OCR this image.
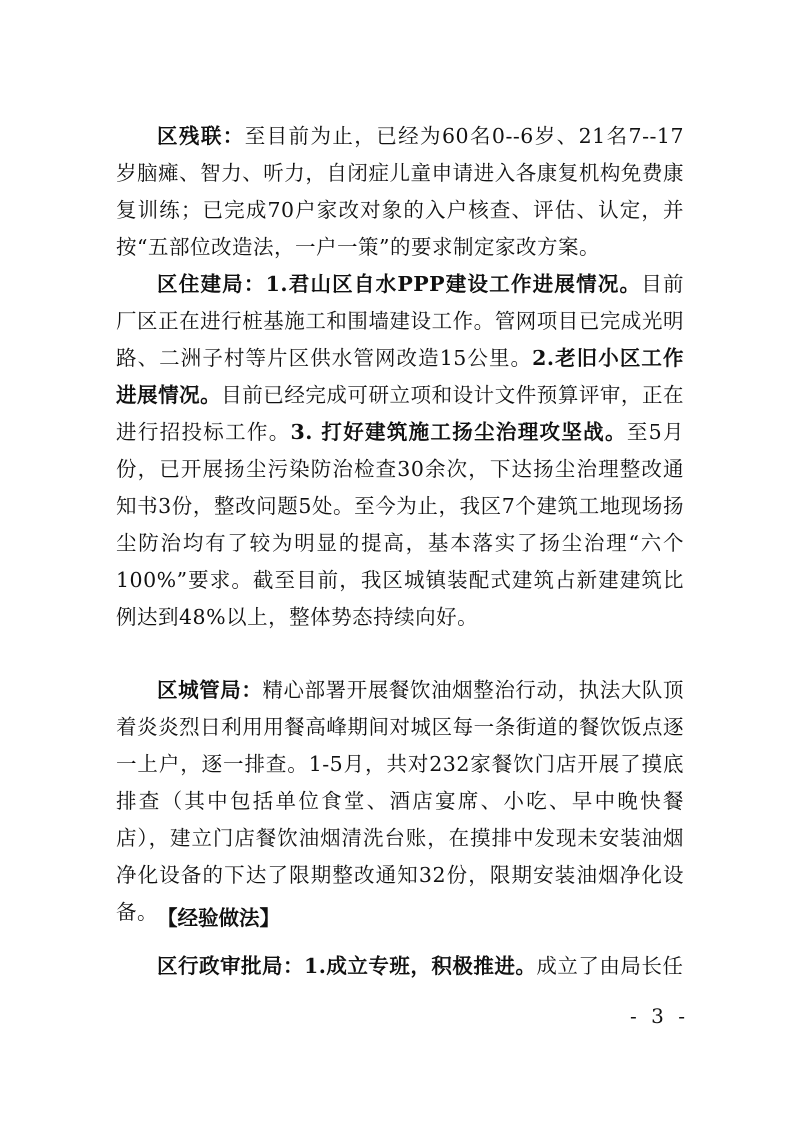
区残联：至目前为止，已经为60名0--6岁、21名7--17岁脑瘫、智力、听力，自闭症儿童申请进入各康复机构免费康复训练；已完成70户家改对象的入户核查、评估、认定，并按“五部位改造法，一户一策”的要求制定家改方案。

区住建局：1.君山区自水PPP建设工作进展情况。目前厂区正在进行桩基施工和围墙建设工作。管网项目已完成光明路、二洲子村等片区供水管网改造15公里。2.老旧小区工作进展情况。目前已经完成可研立项和设计文件预算评审，正在进行招投标工作。3. 打好建筑施工扬尘治理攻坚战。至5月份，已开展扬尘污染防治检查30余次，下达扬尘治理整改通知书3份，整改问题5处。至今为止，我区7个建筑工地现场扬尘防治均有了较为明显的提高，基本落实了扬尘治理“六个100%”要求。截至目前，我区城镇装配式建筑占新建建筑比例达到48%以上，整体势态持续向好。

区城管局：精心部署开展餐饮油烟整治行动，执法大队顶着炎炎烈日利用用餐高峰期间对城区每一条街道的餐饮饭点逐一上户，逐一排查。1-5月，共对232家餐饮门店开展了摸底排查（其中包括单位食堂、酒店宴席、小吃、早中晚快餐店），建立门店餐饮油烟清洗台账，在摸排中发现未安装油烟净化设备的下达了限期整改通知32份，限期安装油烟净化设备。 【经验做法】

区行政审批局：1.成立专班，积极推进。成立了由局长任

- 3 -
